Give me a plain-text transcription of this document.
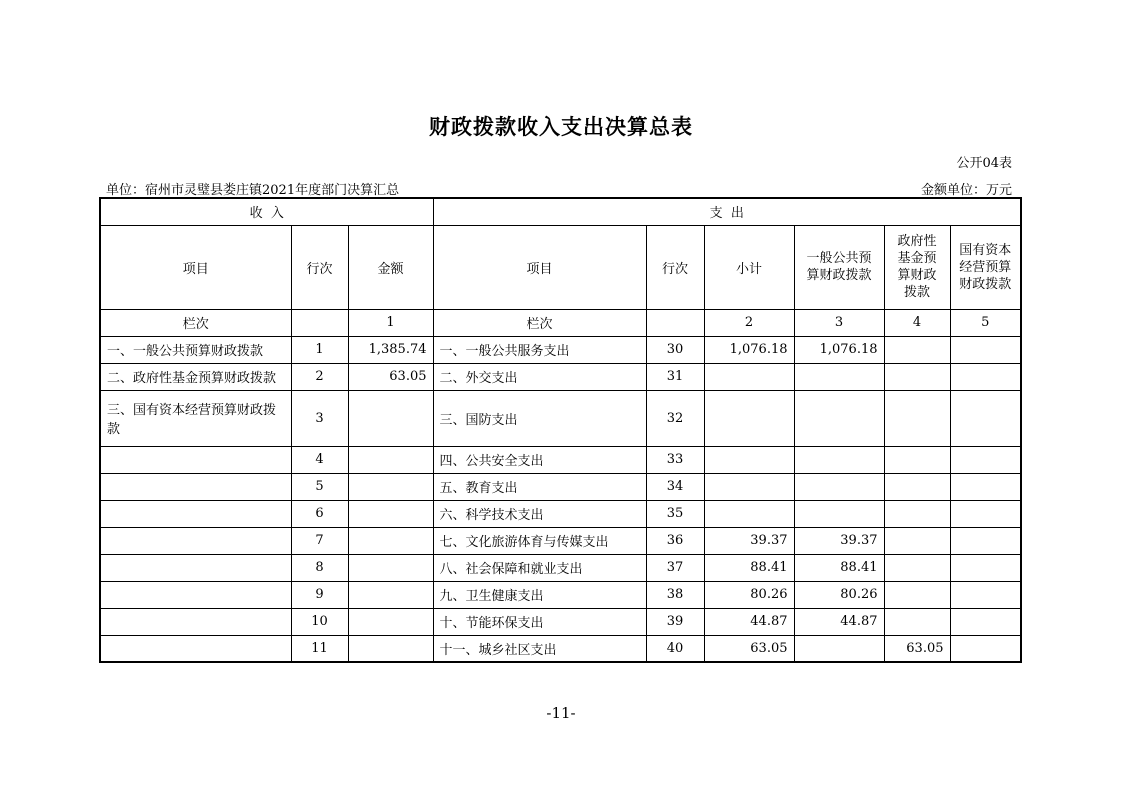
财政拨款收入支出决算总表
公开04表
单位：宿州市灵璧县娄庄镇2021年度部门决算汇总	金额单位：万元
收  入			支  出					
项目	行次	金额	项目	行次	小计	一般公共预算财政拨款	政府性基金预算财政拨款	国有资本经营预算财政拨款
栏次		1	栏次		2	3	4	5
一、一般公共预算财政拨款	1	1,385.74	一、一般公共服务支出	30	1,076.18	1,076.18		
二、政府性基金预算财政拨款	2	63.05	二、外交支出	31				
三、国有资本经营预算财政拨款	3		三、国防支出	32				
	4		四、公共安全支出	33				
	5		五、教育支出	34				
	6		六、科学技术支出	35				
	7		七、文化旅游体育与传媒支出	36	39.37	39.37		
	8		八、社会保障和就业支出	37	88.41	88.41		
	9		九、卫生健康支出	38	80.26	80.26		
	10		十、节能环保支出	39	44.87	44.87		
	11		十一、城乡社区支出	40	63.05		63.05	
-11-
